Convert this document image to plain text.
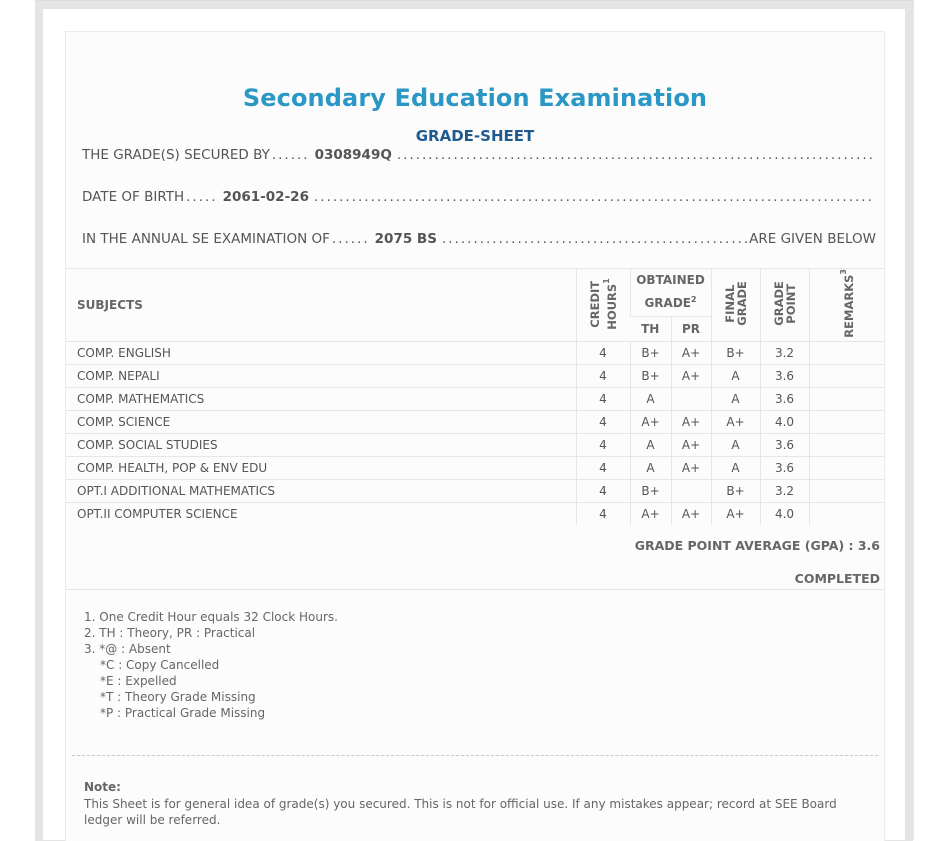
Secondary Education Examination
GRADE-SHEET
THE GRADE(S) SECURED BY ...... 0308949Q
.....
DATE OF BIRTH ..... 2061-02-26
.....
IN THE ANNUAL SE EXAMINATION OF ...... 2075 BS .....	ARE GIVEN BELOW
SUBJECTS	CREDIT HOURS$^1$	OBTAINED GRADE$^2$		FINAL GRADE	GRADE POINT	REMARKS$^3$
		TH	PR			
COMP. ENGLISH	4	B+	A+	B+	3.2	
COMP. NEPALI	4	B+	A+	A	3.6	
COMP. MATHEMATICS	4	A		A	3.6	
COMP. SCIENCE	4	A+	A+	A+	4.0	
COMP. SOCIAL STUDIES	4	A	A+	A	3.6	
COMP. HEALTH, POP & ENV EDU	4	A	A+	A	3.6	
OPT.I ADDITIONAL MATHEMATICS	4	B+		B+	3.2	
OPT.II COMPUTER SCIENCE	4	A+	A+	A+	4.0	
GRADE POINT AVERAGE (GPA) : 3.6
COMPLETED
1. One Credit Hour equals 32 Clock Hours.
2. TH : Theory, PR : Practical
3. *@ : Absent
*C : Copy Cancelled
*E : Expelled
*T : Theory Grade Missing
*P : Practical Grade Missing
Note:
This Sheet is for general idea of grade(s) you secured. This is not for official use. If any mistakes appear; record at SEE Board ledger will be referred.
